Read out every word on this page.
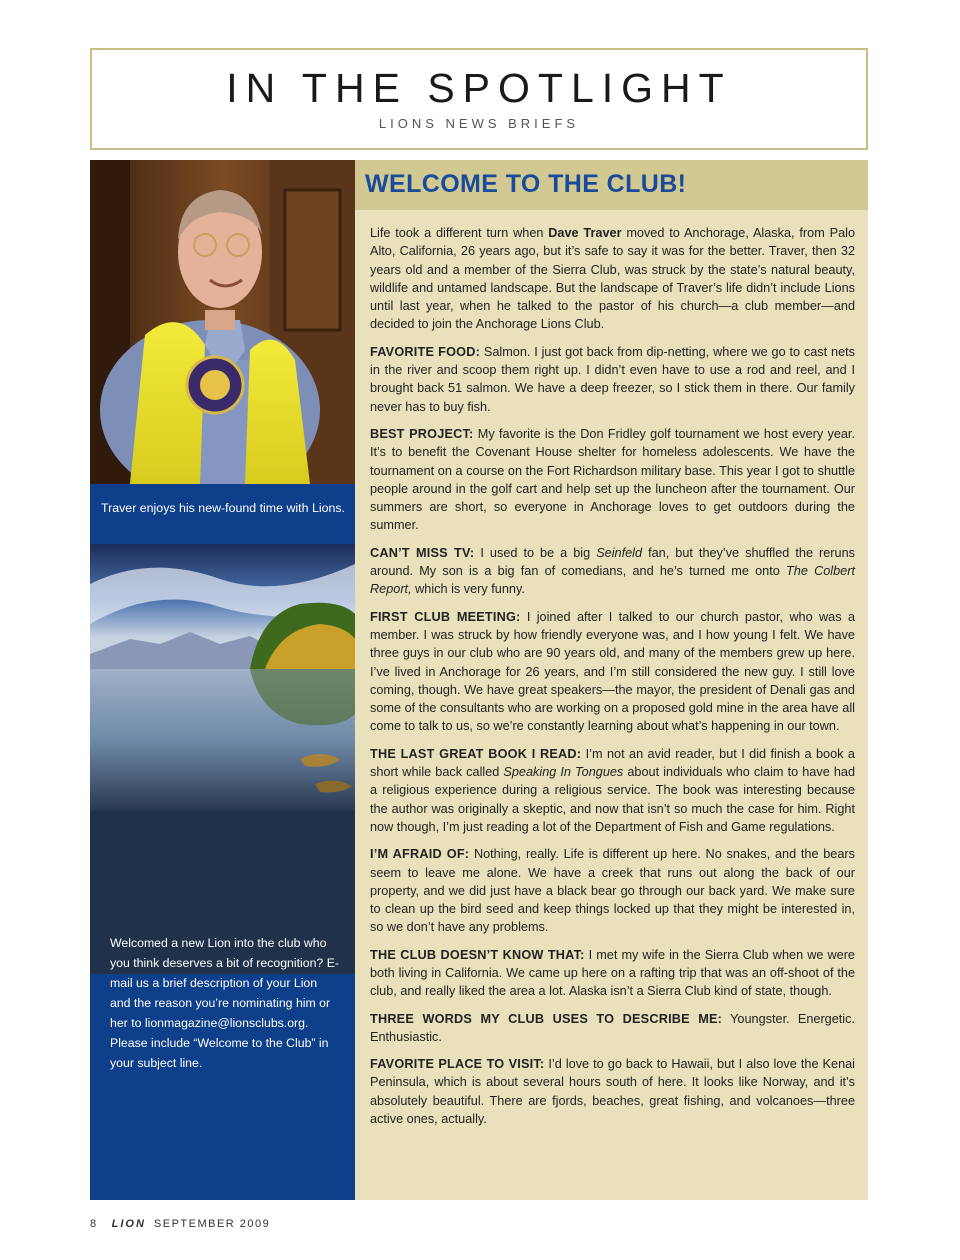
IN THE SPOTLIGHT
LIONS NEWS BRIEFS
Traver enjoys his new-found time with Lions.
Welcomed a new Lion into the club who you think deserves a bit of recognition? E-mail us a brief description of your Lion and the reason you’re nominating him or her to lionmagazine@lionsclubs.org. Please include “Welcome to the Club” in your subject line.
WELCOME TO THE CLUB!

Life took a different turn when Dave Traver moved to Anchorage, Alaska, from Palo Alto, California, 26 years ago, but it’s safe to say it was for the better. Traver, then 32 years old and a member of the Sierra Club, was struck by the state’s natural beauty, wildlife and untamed landscape. But the landscape of Traver’s life didn’t include Lions until last year, when he talked to the pastor of his church—a club member—and decided to join the Anchorage Lions Club.

FAVORITE FOOD: Salmon. I just got back from dip-netting, where we go to cast nets in the river and scoop them right up. I didn’t even have to use a rod and reel, and I brought back 51 salmon. We have a deep freezer, so I stick them in there. Our family never has to buy fish.

BEST PROJECT: My favorite is the Don Fridley golf tournament we host every year. It’s to benefit the Covenant House shelter for homeless adolescents. We have the tournament on a course on the Fort Richardson military base. This year I got to shuttle people around in the golf cart and help set up the luncheon after the tournament. Our summers are short, so everyone in Anchorage loves to get outdoors during the summer.

CAN’T MISS TV: I used to be a big Seinfeld fan, but they’ve shuffled the reruns around. My son is a big fan of comedians, and he’s turned me onto The Colbert Report, which is very funny.

FIRST CLUB MEETING: I joined after I talked to our church pastor, who was a member. I was struck by how friendly everyone was, and I how young I felt. We have three guys in our club who are 90 years old, and many of the members grew up here. I’ve lived in Anchorage for 26 years, and I’m still considered the new guy. I still love coming, though. We have great speakers—the mayor, the president of Denali gas and some of the consultants who are working on a proposed gold mine in the area have all come to talk to us, so we’re constantly learning about what’s happening in our town.

THE LAST GREAT BOOK I READ: I’m not an avid reader, but I did finish a book a short while back called Speaking In Tongues about individuals who claim to have had a religious experience during a religious service. The book was interesting because the author was originally a skeptic, and now that isn’t so much the case for him. Right now though, I’m just reading a lot of the Department of Fish and Game regulations.

I’M AFRAID OF: Nothing, really. Life is different up here. No snakes, and the bears seem to leave me alone. We have a creek that runs out along the back of our property, and we did just have a black bear go through our back yard. We make sure to clean up the bird seed and keep things locked up that they might be interested in, so we don’t have any problems.

THE CLUB DOESN’T KNOW THAT: I met my wife in the Sierra Club when we were both living in California. We came up here on a rafting trip that was an off-shoot of the club, and really liked the area a lot. Alaska isn’t a Sierra Club kind of state, though.

THREE WORDS MY CLUB USES TO DESCRIBE ME: Youngster. Energetic. Enthusiastic.

FAVORITE PLACE TO VISIT: I’d love to go back to Hawaii, but I also love the Kenai Peninsula, which is about several hours south of here. It looks like Norway, and it’s absolutely beautiful. There are fjords, beaches, great fishing, and volcanoes—three active ones, actually.

8 LION SEPTEMBER 2009
